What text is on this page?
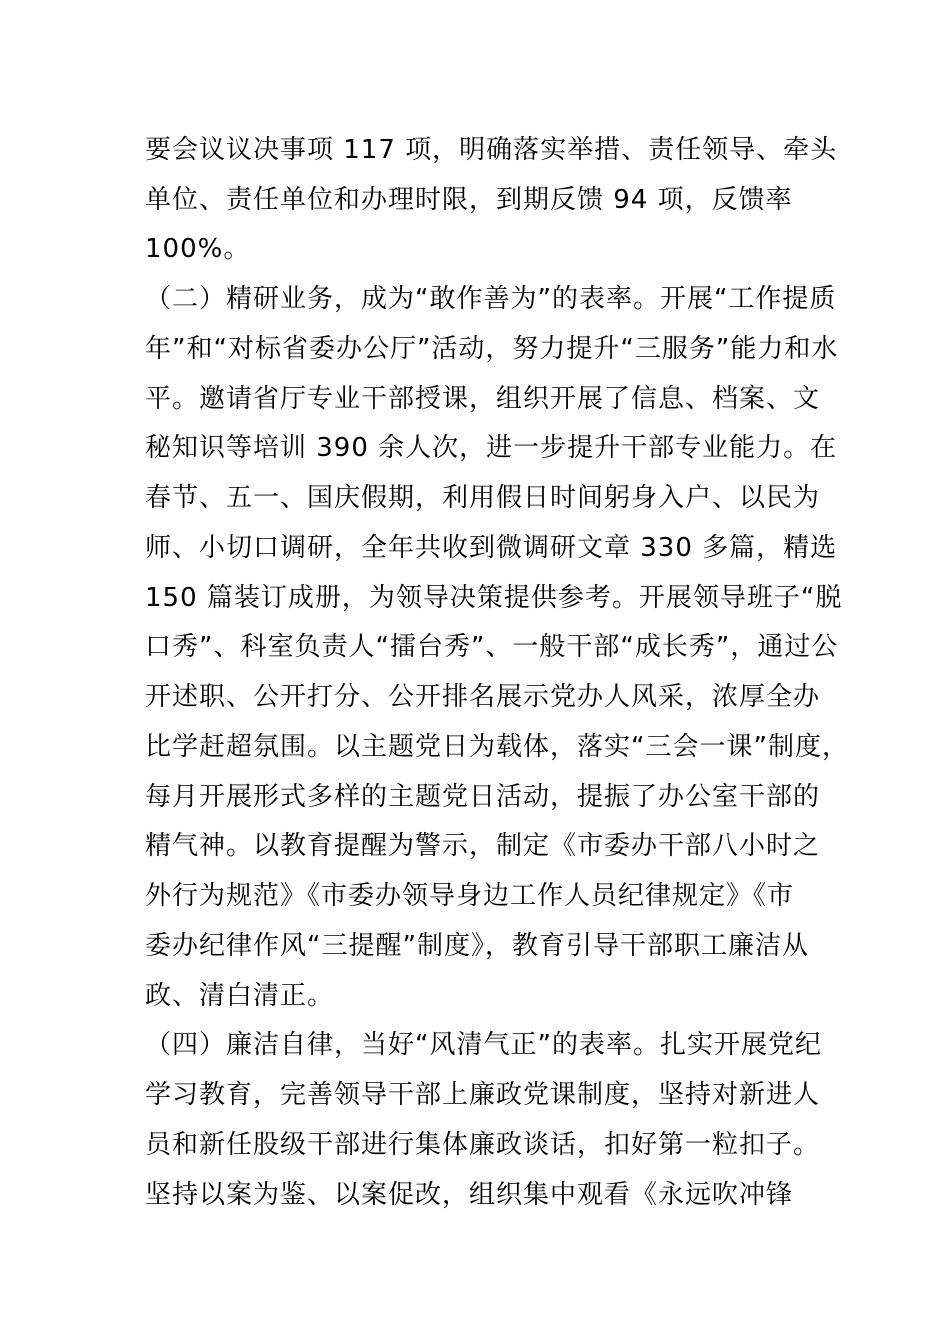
要会议议决事项 117 项，明确落实举措、责任领导、牵头
单位、责任单位和办理时限，到期反馈 94 项，反馈率
100%。
（二）精研业务，成为“敢作善为”的表率。开展“工作提质
年”和“对标省委办公厅”活动，努力提升“三服务”能力和水
平。邀请省厅专业干部授课，组织开展了信息、档案、文
秘知识等培训 390 余人次，进一步提升干部专业能力。在
春节、五一、国庆假期，利用假日时间躬身入户、以民为
师、小切口调研，全年共收到微调研文章 330 多篇，精选
150 篇装订成册，为领导决策提供参考。开展领导班子“脱
口秀”、科室负责人“擂台秀”、一般干部“成长秀”，通过公
开述职、公开打分、公开排名展示党办人风采，浓厚全办
比学赶超氛围。以主题党日为载体，落实“三会一课”制度，
每月开展形式多样的主题党日活动，提振了办公室干部的
精气神。以教育提醒为警示，制定《市委办干部八小时之
外行为规范》《市委办领导身边工作人员纪律规定》《市
委办纪律作风“三提醒”制度》，教育引导干部职工廉洁从
政、清白清正。
（四）廉洁自律，当好“风清气正”的表率。扎实开展党纪
学习教育，完善领导干部上廉政党课制度，坚持对新进人
员和新任股级干部进行集体廉政谈话，扣好第一粒扣子。
坚持以案为鉴、以案促改，组织集中观看《永远吹冲锋
